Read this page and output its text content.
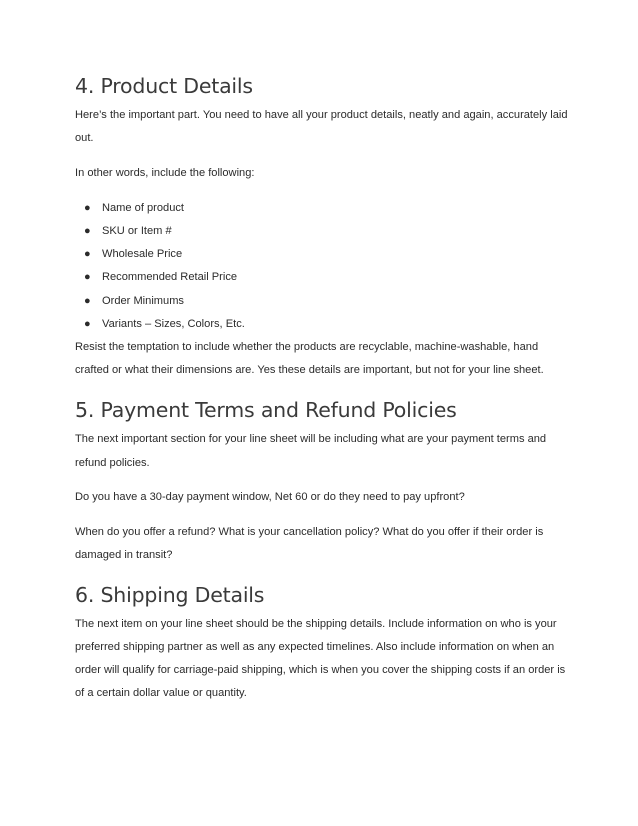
4. Product Details

Here’s the important part. You need to have all your product details, neatly and again, accurately laid out.

In other words, include the following:

● Name of product
● SKU or Item #
● Wholesale Price
● Recommended Retail Price
● Order Minimums
● Variants – Sizes, Colors, Etc.

Resist the temptation to include whether the products are recyclable, machine-washable, hand crafted or what their dimensions are. Yes these details are important, but not for your line sheet.

5. Payment Terms and Refund Policies

The next important section for your line sheet will be including what are your payment terms and refund policies.

Do you have a 30-day payment window, Net 60 or do they need to pay upfront?

When do you offer a refund? What is your cancellation policy? What do you offer if their order is damaged in transit?

6. Shipping Details

The next item on your line sheet should be the shipping details. Include information on who is your preferred shipping partner as well as any expected timelines. Also include information on when an order will qualify for carriage-paid shipping, which is when you cover the shipping costs if an order is of a certain dollar value or quantity.
